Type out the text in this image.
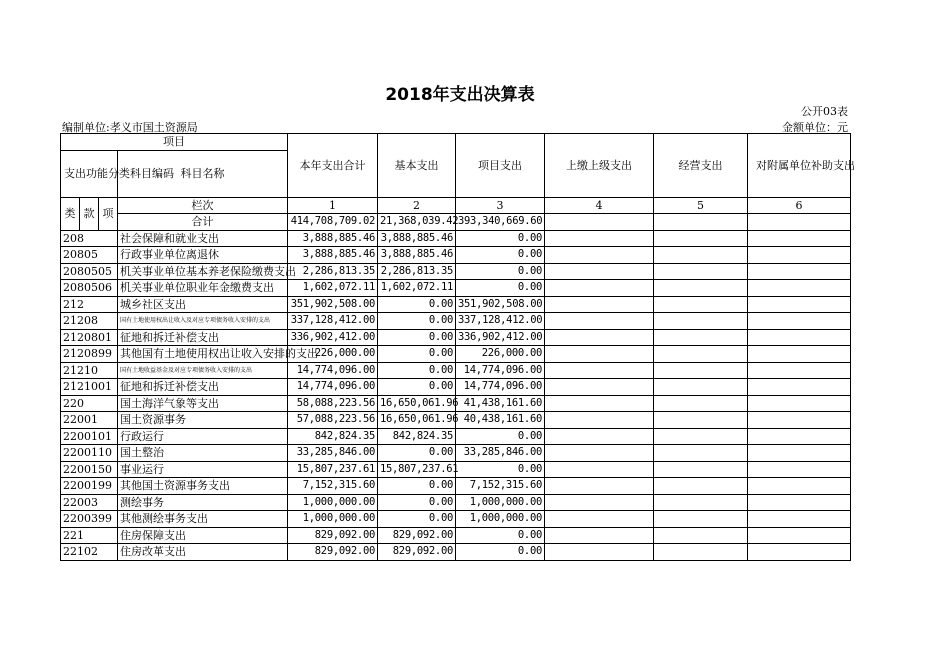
2018年支出决算表
公开03表
编制单位:孝义市国土资源局	金额单位：元
项目				本年支出合计	基本支出	项目支出	上缴上级支出	经营支出	对附属单位补助支出
支出功能分类科目编码			科目名称						

类	款	项	栏次	1	2	3	4	5	6
			合计	414,708,709.02	21,368,039.42	393,340,669.60			
208			社会保障和就业支出	3,888,885.46	3,888,885.46	0.00			
20805			行政事业单位离退休	3,888,885.46	3,888,885.46	0.00			
2080505			机关事业单位基本养老保险缴费支出	2,286,813.35	2,286,813.35	0.00			
2080506			机关事业单位职业年金缴费支出	1,602,072.11	1,602,072.11	0.00			
212			城乡社区支出	351,902,508.00	0.00	351,902,508.00			
21208			国有土地使用权出让收入及对应专项债务收入安排的支出	337,128,412.00	0.00	337,128,412.00			
2120801			征地和拆迁补偿支出	336,902,412.00	0.00	336,902,412.00			
2120899			其他国有土地使用权出让收入安排的支出	226,000.00	0.00	226,000.00			
21210			国有土地收益基金及对应专项债务收入安排的支出	14,774,096.00	0.00	14,774,096.00			
2121001			征地和拆迁补偿支出	14,774,096.00	0.00	14,774,096.00			
220			国土海洋气象等支出	58,088,223.56	16,650,061.96	41,438,161.60			
22001			国土资源事务	57,088,223.56	16,650,061.96	40,438,161.60			
2200101			行政运行	842,824.35	842,824.35	0.00			
2200110			国土整治	33,285,846.00	0.00	33,285,846.00			
2200150			事业运行	15,807,237.61	15,807,237.61	0.00			
2200199			其他国土资源事务支出	7,152,315.60	0.00	7,152,315.60			
22003			测绘事务	1,000,000.00	0.00	1,000,000.00			
2200399			其他测绘事务支出	1,000,000.00	0.00	1,000,000.00			
221			住房保障支出	829,092.00	829,092.00	0.00			
22102			住房改革支出	829,092.00	829,092.00	0.00			
